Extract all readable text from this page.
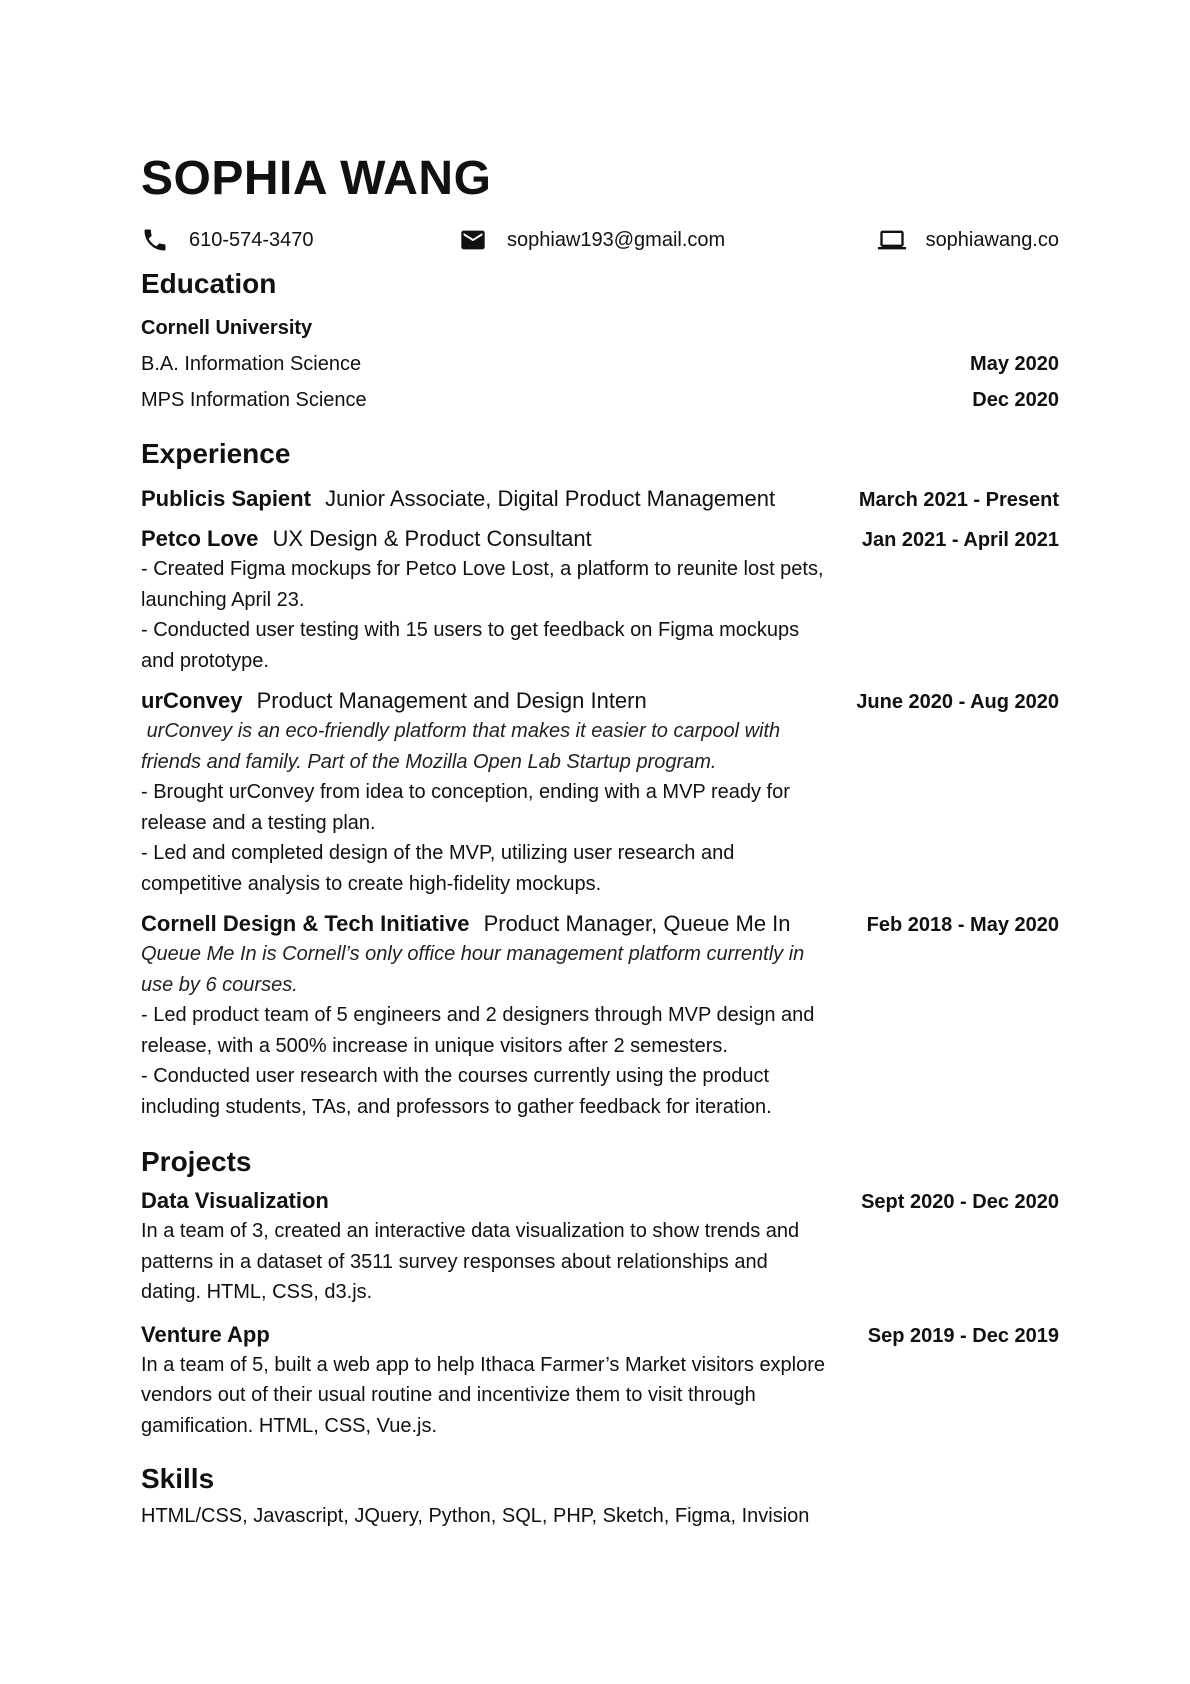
SOPHIA WANG
610-574-3470	sophiaw193@gmail.com	sophiawang.co
Education
Cornell University
B.A. Information Science	May 2020
MPS Information Science	Dec 2020
Experience
Publicis Sapient Junior Associate, Digital Product Management	March 2021 - Present
Petco Love UX Design & Product Consultant	Jan 2021 - April 2021
- Created Figma mockups for Petco Love Lost, a platform to reunite lost pets, launching April 23.
- Conducted user testing with 15 users to get feedback on Figma mockups and prototype.
urConvey Product Management and Design Intern	June 2020 - Aug 2020
urConvey is an eco-friendly platform that makes it easier to carpool with friends and family. Part of the Mozilla Open Lab Startup program.
- Brought urConvey from idea to conception, ending with a MVP ready for release and a testing plan.
- Led and completed design of the MVP, utilizing user research and competitive analysis to create high-fidelity mockups.
Cornell Design & Tech Initiative Product Manager, Queue Me In	Feb 2018 - May 2020
Queue Me In is Cornell’s only office hour management platform currently in use by 6 courses.
- Led product team of 5 engineers and 2 designers through MVP design and release, with a 500% increase in unique visitors after 2 semesters.
- Conducted user research with the courses currently using the product including students, TAs, and professors to gather feedback for iteration.
Projects
Data Visualization	Sept 2020 - Dec 2020
In a team of 3, created an interactive data visualization to show trends and patterns in a dataset of 3511 survey responses about relationships and dating. HTML, CSS, d3.js.
Venture App	Sep 2019 - Dec 2019
In a team of 5, built a web app to help Ithaca Farmer’s Market visitors explore vendors out of their usual routine and incentivize them to visit through gamification. HTML, CSS, Vue.js.
Skills
HTML/CSS, Javascript, JQuery, Python, SQL, PHP, Sketch, Figma, Invision
